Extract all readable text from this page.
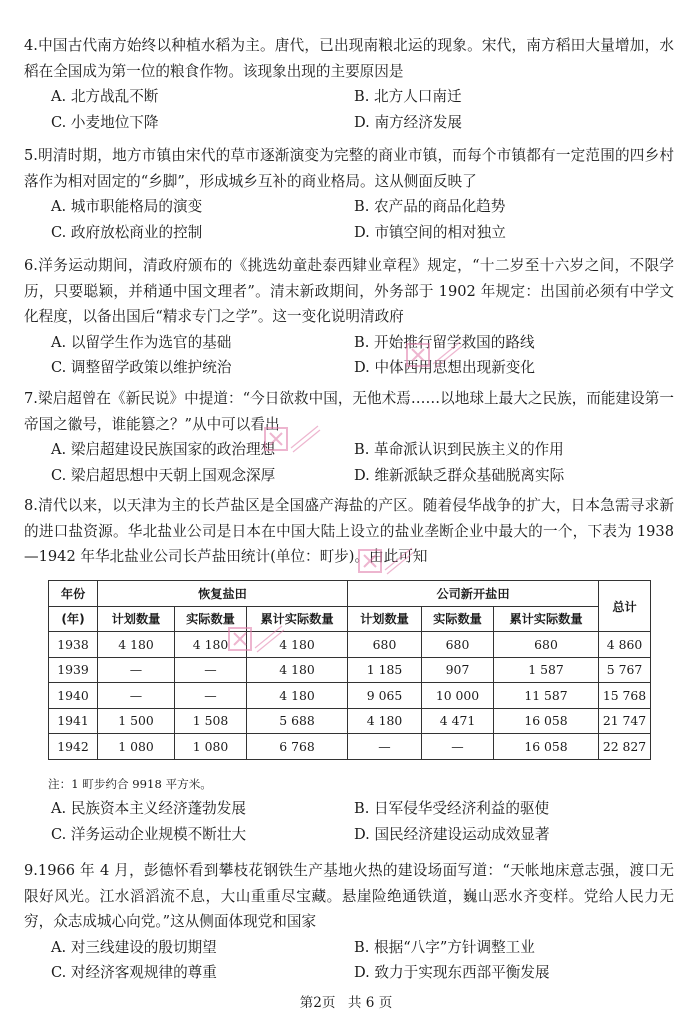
4.中国古代南方始终以种植水稻为主。唐代，已出现南粮北运的现象。宋代，南方稻田大量增加，水稻在全国成为第一位的粮食作物。该现象出现的主要原因是

A. 北方战乱不断	B. 北方人口南迁
C. 小麦地位下降	D. 南方经济发展

5.明清时期，地方市镇由宋代的草市逐渐演变为完整的商业市镇，而每个市镇都有一定范围的四乡村落作为相对固定的“乡脚”，形成城乡互补的商业格局。这从侧面反映了

A. 城市职能格局的演变	B. 农产品的商品化趋势
C. 政府放松商业的控制	D. 市镇空间的相对独立

6.洋务运动期间，清政府颁布的《挑选幼童赴泰西肄业章程》规定，“十二岁至十六岁之间，不限学历，只要聪颖，并稍通中国文理者”。清末新政期间，外务部于 1902 年规定：出国前必须有中学文化程度，以备出国后“精求专门之学”。这一变化说明清政府

A. 以留学生作为选官的基础	B. 开始推行留学救国的路线
C. 调整留学政策以维护统治	D. 中体西用思想出现新变化

7.梁启超曾在《新民说》中提道：“今日欲救中国，无他术焉……以地球上最大之民族，而能建设第一帝国之徽号，谁能篡之？”从中可以看出

A. 梁启超建设民族国家的政治理想	B. 革命派认识到民族主义的作用
C. 梁启超思想中天朝上国观念深厚	D. 维新派缺乏群众基础脱离实际

8.清代以来，以天津为主的长芦盐区是全国盛产海盐的产区。随着侵华战争的扩大，日本急需寻求新的进口盐资源。华北盐业公司是日本在中国大陆上设立的盐业垄断企业中最大的一个，下表为 1938—1942 年华北盐业公司长芦盐田统计(单位：町步)。由此可知

年份	恢复盐田			公司新开盐田			总计
(年)	计划数量	实际数量	累计实际数量	计划数量	实际数量	累计实际数量	
1938	4 180	4 180	4 180	680	680	680	4 860
1939	—	—	4 180	1 185	907	1 587	5 767
1940	—	—	4 180	9 065	10 000	11 587	15 768
1941	1 500	1 508	5 688	4 180	4 471	16 058	21 747
1942	1 080	1 080	6 768	—	—	16 058	22 827
注：1 町步约合 9918 平方米。
A. 民族资本主义经济蓬勃发展	B. 日军侵华受经济利益的驱使
C. 洋务运动企业规模不断壮大	D. 国民经济建设运动成效显著

9.1966 年 4 月，彭德怀看到攀枝花钢铁生产基地火热的建设场面写道：“天帐地床意志强，渡口无限好风光。江水滔滔流不息，大山重重尽宝藏。悬崖险绝通铁道，巍山恶水齐变样。党给人民力无穷，众志成城心向党。”这从侧面体现党和国家

A. 对三线建设的殷切期望	B. 根据“八字”方针调整工业
C. 对经济客观规律的尊重	D. 致力于实现东西部平衡发展
第2页 共 6 页
